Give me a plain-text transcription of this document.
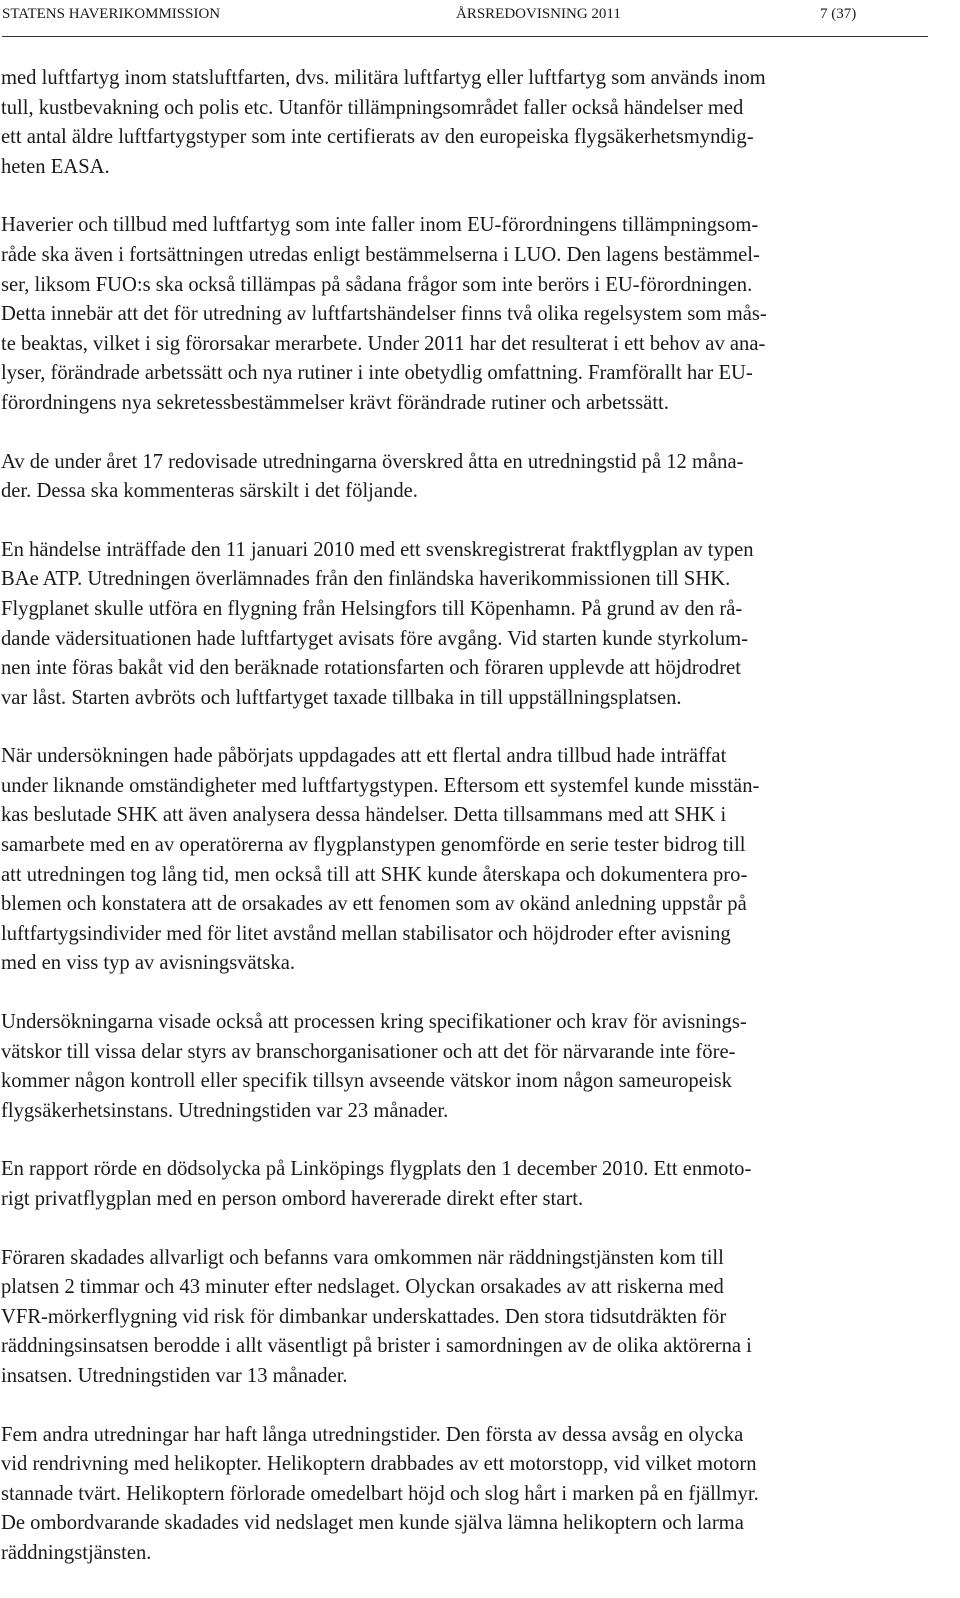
STATENS HAVERIKOMMISSION	ÅRSREDOVISNING 2011	7 (37)

med luftfartyg inom statsluftfarten, dvs. militära luftfartyg eller luftfartyg som används inom
tull, kustbevakning och polis etc. Utanför tillämpningsområdet faller också händelser med
ett antal äldre luftfartygstyper som inte certifierats av den europeiska flygsäkerhetsmyndig-
heten EASA.

Haverier och tillbud med luftfartyg som inte faller inom EU-förordningens tillämpningsom-
råde ska även i fortsättningen utredas enligt bestämmelserna i LUO. Den lagens bestämmel-
ser, liksom FUO:s ska också tillämpas på sådana frågor som inte berörs i EU-förordningen.
Detta innebär att det för utredning av luftfartshändelser finns två olika regelsystem som mås-
te beaktas, vilket i sig förorsakar merarbete. Under 2011 har det resulterat i ett behov av ana-
lyser, förändrade arbetssätt och nya rutiner i inte obetydlig omfattning. Framförallt har EU-
förordningens nya sekretessbestämmelser krävt förändrade rutiner och arbetssätt.

Av de under året 17 redovisade utredningarna överskred åtta en utredningstid på 12 måna-
der. Dessa ska kommenteras särskilt i det följande.

En händelse inträffade den 11 januari 2010 med ett svenskregistrerat fraktflygplan av typen
BAe ATP. Utredningen överlämnades från den finländska haverikommissionen till SHK.
Flygplanet skulle utföra en flygning från Helsingfors till Köpenhamn. På grund av den rå-
dande vädersituationen hade luftfartyget avisats före avgång. Vid starten kunde styrkolum-
nen inte föras bakåt vid den beräknade rotationsfarten och föraren upplevde att höjdrodret
var låst. Starten avbröts och luftfartyget taxade tillbaka in till uppställningsplatsen.

När undersökningen hade påbörjats uppdagades att ett flertal andra tillbud hade inträffat
under liknande omständigheter med luftfartygstypen. Eftersom ett systemfel kunde misstän-
kas beslutade SHK att även analysera dessa händelser. Detta tillsammans med att SHK i
samarbete med en av operatörerna av flygplanstypen genomförde en serie tester bidrog till
att utredningen tog lång tid, men också till att SHK kunde återskapa och dokumentera pro-
blemen och konstatera att de orsakades av ett fenomen som av okänd anledning uppstår på
luftfartygsindivider med för litet avstånd mellan stabilisator och höjdroder efter avisning
med en viss typ av avisningsvätska.

Undersökningarna visade också att processen kring specifikationer och krav för avisnings-
vätskor till vissa delar styrs av branschorganisationer och att det för närvarande inte före-
kommer någon kontroll eller specifik tillsyn avseende vätskor inom någon sameuropeisk
flygsäkerhetsinstans. Utredningstiden var 23 månader.

En rapport rörde en dödsolycka på Linköpings flygplats den 1 december 2010. Ett enmoto-
rigt privatflygplan med en person ombord havererade direkt efter start.

Föraren skadades allvarligt och befanns vara omkommen när räddningstjänsten kom till
platsen 2 timmar och 43 minuter efter nedslaget. Olyckan orsakades av att riskerna med
VFR-mörkerflygning vid risk för dimbankar underskattades. Den stora tidsutdräkten för
räddningsinsatsen berodde i allt väsentligt på brister i samordningen av de olika aktörerna i
insatsen. Utredningstiden var 13 månader.

Fem andra utredningar har haft långa utredningstider. Den första av dessa avsåg en olycka
vid rendrivning med helikopter. Helikoptern drabbades av ett motorstopp, vid vilket motorn
stannade tvärt. Helikoptern förlorade omedelbart höjd och slog hårt i marken på en fjällmyr.
De ombordvarande skadades vid nedslaget men kunde själva lämna helikoptern och larma
räddningstjänsten.
